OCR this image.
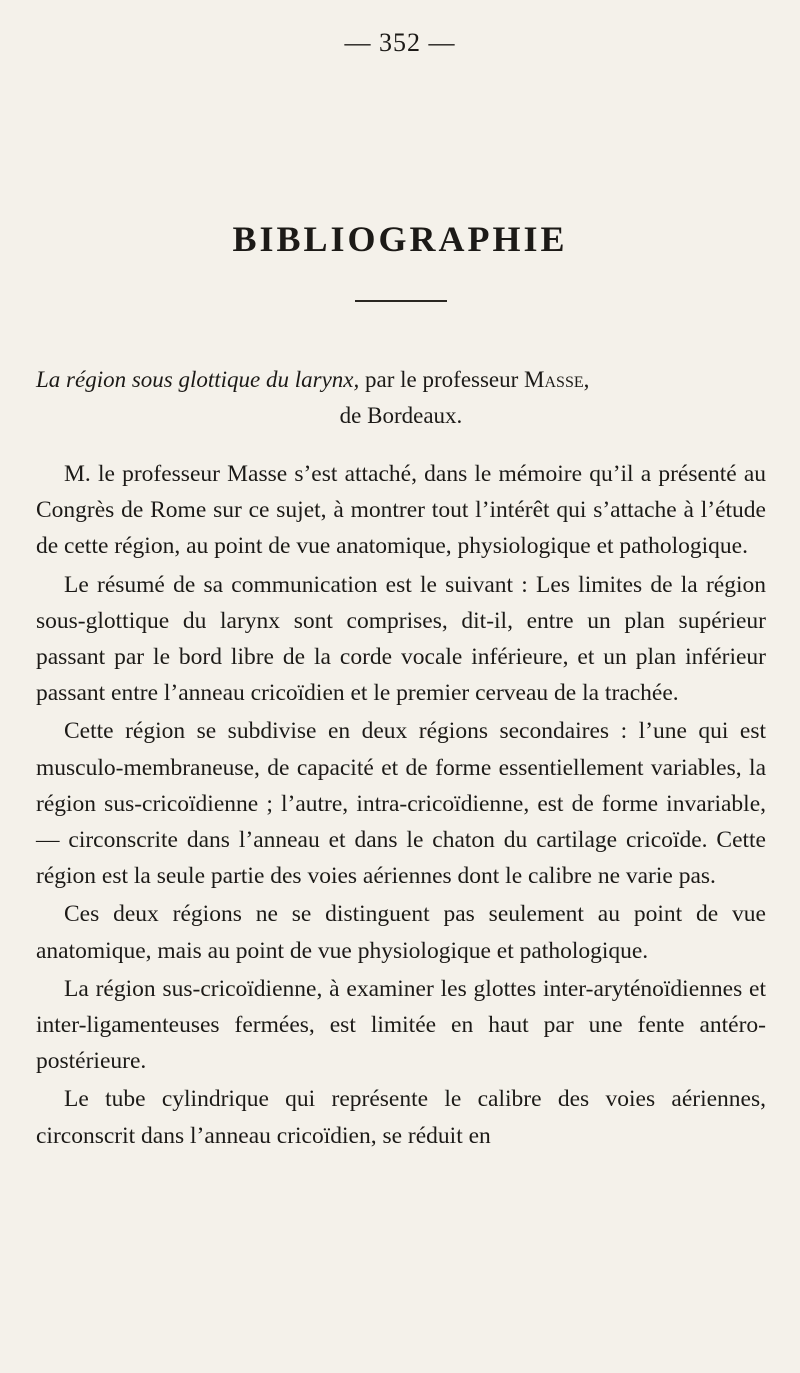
— 352 —
BIBLIOGRAPHIE
La région sous glottique du larynx, par le professeur Masse,
de Bordeaux.

M. le professeur Masse s’est attaché, dans le mémoire qu’il a présenté au Congrès de Rome sur ce sujet, à montrer tout l’intérêt qui s’attache à l’étude de cette région, au point de vue anatomique, physiologique et pathologique.

Le résumé de sa communication est le suivant : Les limites de la région sous-glottique du larynx sont comprises, dit-il, entre un plan supérieur passant par le bord libre de la corde vocale inférieure, et un plan inférieur passant entre l’anneau cricoïdien et le premier cerveau de la trachée.

Cette région se subdivise en deux régions secondaires : l’une qui est musculo-membraneuse, de capacité et de forme essentiellement variables, la région sus-cricoïdienne ; l’autre, intra-cricoïdienne, est de forme invariable, — circonscrite dans l’anneau et dans le chaton du cartilage cricoïde. Cette région est la seule partie des voies aériennes dont le calibre ne varie pas.

Ces deux régions ne se distinguent pas seulement au point de vue anatomique, mais au point de vue physiologique et pathologique.

La région sus-cricoïdienne, à examiner les glottes inter-aryténoïdiennes et inter-ligamenteuses fermées, est limitée en haut par une fente antéro-postérieure.

Le tube cylindrique qui représente le calibre des voies aériennes, circonscrit dans l’anneau cricoïdien, se réduit en
